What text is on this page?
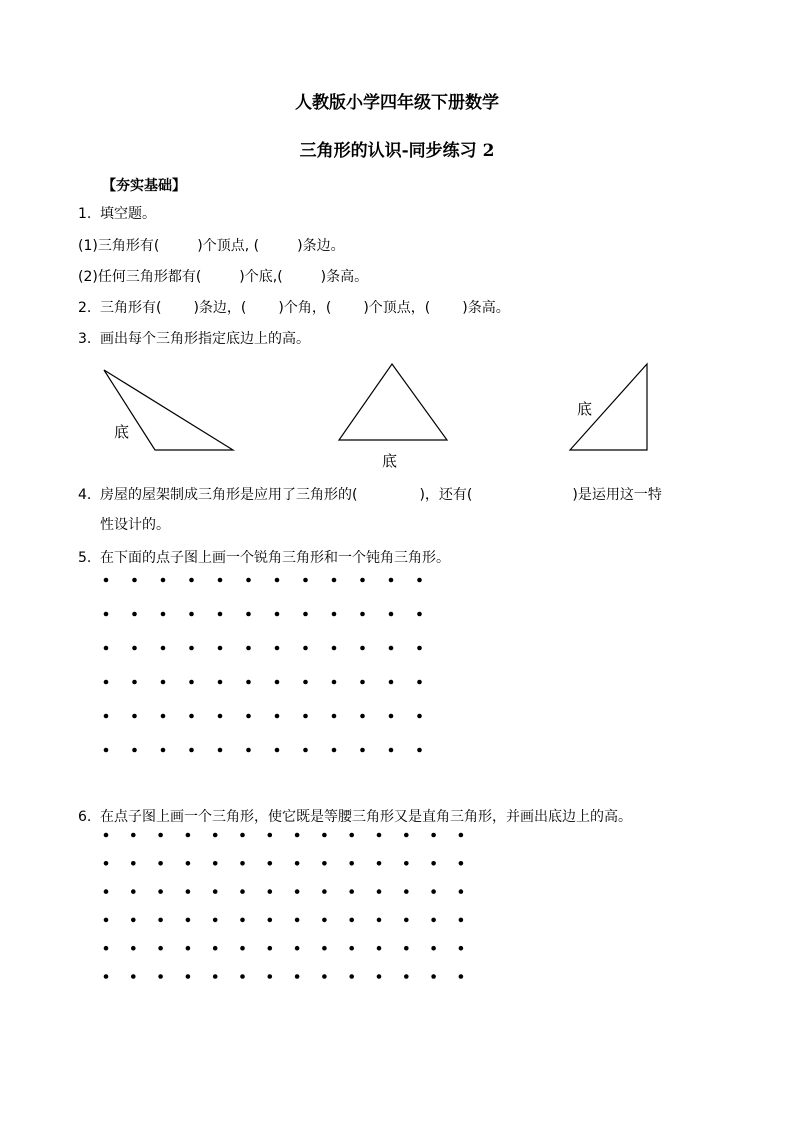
人教版小学四年级下册数学
三角形的认识-同步练习 2
【夯实基础】
1. 填空题。
(1)三角形有(	)个顶点, (	)条边。
(2)任何三角形都有(	)个底,(	)条高。
2. 三角形有( )条边，( )个角，( )个顶点，( )条高。
3. 画出每个三角形指定底边上的高。
底
底
底
4. 房屋的屋架制成三角形是应用了三角形的(	)，还有(	)是运用这一特
性设计的。
5. 在下面的点子图上画一个锐角三角形和一个钝角三角形。
6. 在点子图上画一个三角形，使它既是等腰三角形又是直角三角形，并画出底边上的高。
